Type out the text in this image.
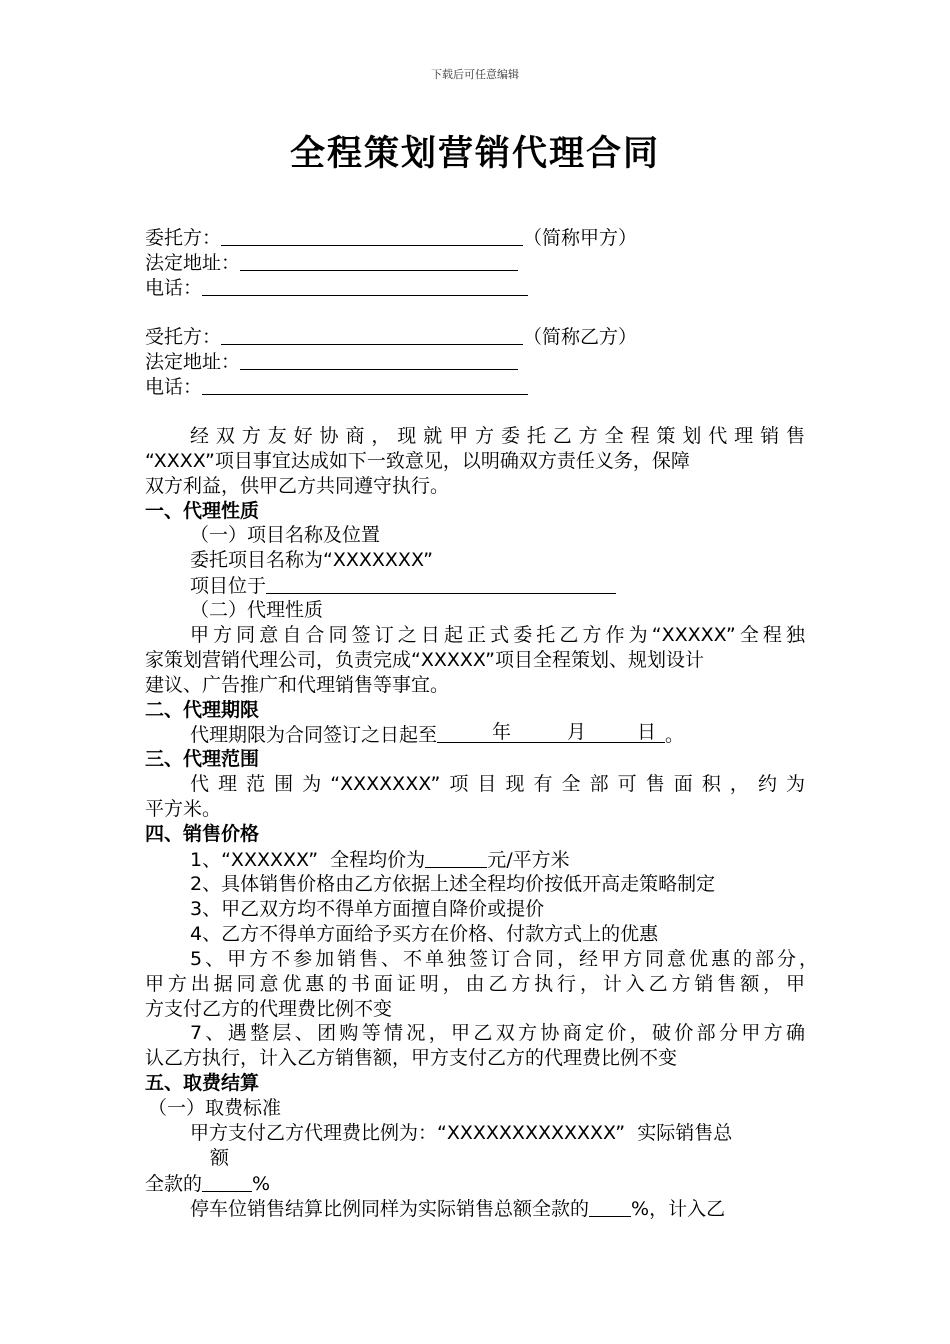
下载后可任意编辑
全程策划营销代理合同
委托方：	（简称甲方）
法定地址：
电话：
受托方：	（简称乙方）
法定地址：
电话：
经双方友好协商，现就甲方委托乙方全程策划代理销售
“XXXX”项目事宜达成如下一致意见，以明确双方责任义务，保障
双方利益，供甲乙方共同遵守执行。
一、代理性质
（一）项目名称及位置
委托项目名称为“XXXXXXX”
项目位于
（二）代理性质
甲方同意自合同签订之日起正式委托乙方作为“XXXXX”全程独
家策划营销代理公司，负责完成“XXXXX”项目全程策划、规划设计
建议、广告推广和代理销售等事宜。
二、代理期限
代理期限为合同签订之日起至	年	月	日 。
三、代理范围
代理范围为“XXXXXXX”项目现有全部可售面积，约为
平方米。
四、销售价格
1、“XXXXXX”  全程均价为	元/平方米
2、具体销售价格由乙方依据上述全程均价按低开高走策略制定
3、甲乙双方均不得单方面擅自降价或提价
4、乙方不得单方面给予买方在价格、付款方式上的优惠
5、甲方不参加销售、不单独签订合同，经甲方同意优惠的部分，
甲方出据同意优惠的书面证明，由乙方执行，计入乙方销售额，甲
方支付乙方的代理费比例不变
7、遇整层、团购等情况，甲乙双方协商定价，破价部分甲方确
认乙方执行，计入乙方销售额，甲方支付乙方的代理费比例不变
五、取费结算
（一）取费标准
甲方支付乙方代理费比例为：“XXXXXXXXXXXXX”  实际销售总
额
全款的	%
停车位销售结算比例同样为实际销售总额全款的 %，计入乙
